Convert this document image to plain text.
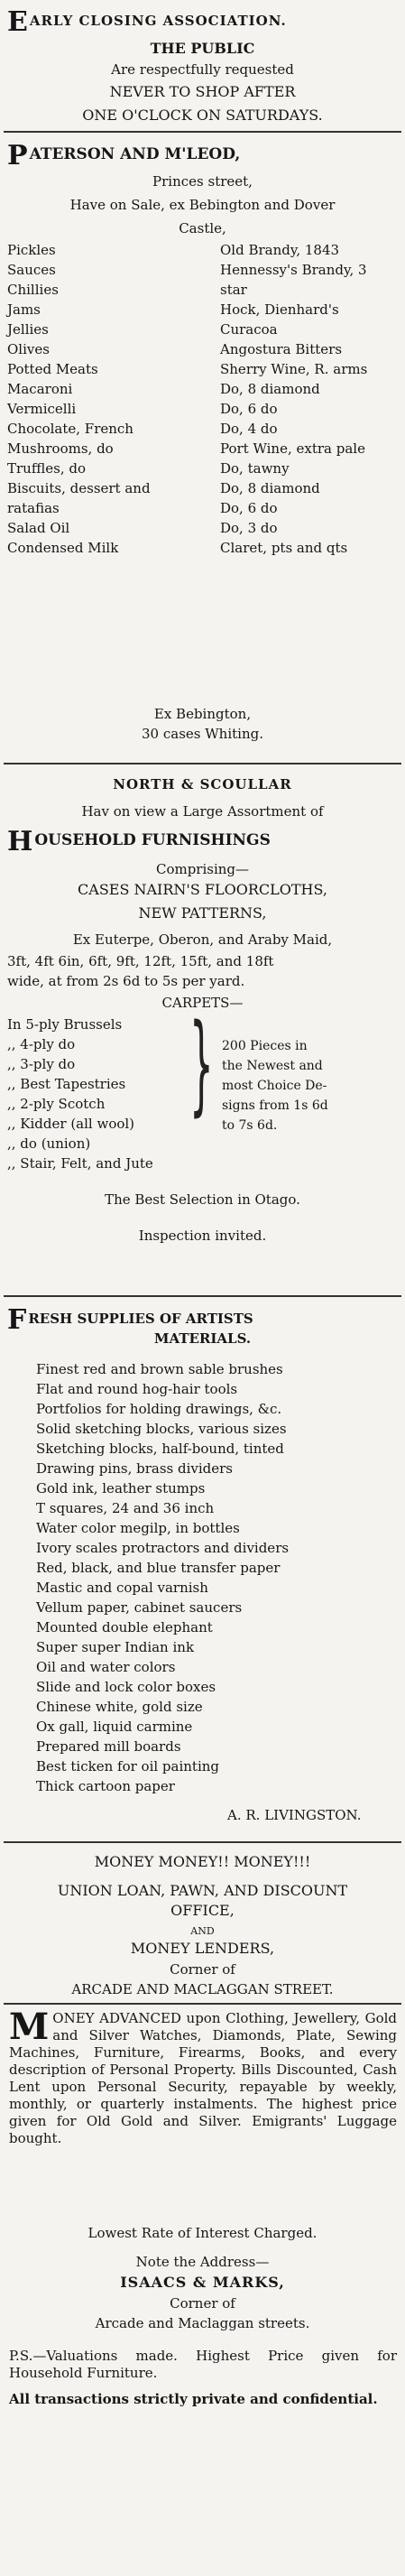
EARLY CLOSING ASSOCIATION.
THE PUBLIC
Are respectfully requested
NEVER TO SHOP AFTER
ONE O'CLOCK ON SATURDAYS.
PATERSON AND M'LEOD,
Princes street,
Have on Sale, ex Bebington and Dover
Castle,
Pickles
Sauces
Chillies
Jams
Jellies
Olives
Potted Meats
Macaroni
Vermicelli
Chocolate, French
Mushrooms, do
Truffles, do
Biscuits, dessert and
ratafias
Salad Oil
Condensed Milk
Old Brandy, 1843
Hennessy's Brandy, 3
star
Hock, Dienhard's
Curacoa
Angostura Bitters
Sherry Wine, R. arms
Do, 8 diamond
Do, 6 do
Do, 4 do
Port Wine, extra pale
Do, tawny
Do, 8 diamond
Do, 6 do
Do, 3 do
Claret, pts and qts
Ex Bebington,
30 cases Whiting.
NORTH & SCOULLAR
Hav on view a Large Assortment of
HOUSEHOLD FURNISHINGS
Comprising—
CASES NAIRN'S FLOORCLOTHS,
NEW PATTERNS,
Ex Euterpe, Oberon, and Araby Maid,
3ft, 4ft 6in, 6ft, 9ft, 12ft, 15ft, and 18ft
wide, at from 2s 6d to 5s per yard.
CARPETS—
In 5-ply Brussels
,, 4-ply do
,, 3-ply do
,, Best Tapestries
,, 2-ply Scotch
,, Kidder (all wool)
,, do (union)
,, Stair, Felt, and Jute
} 200 Pieces in
the Newest and
most Choice De-
signs from 1s 6d
to 7s 6d.
The Best Selection in Otago.
Inspection invited.
FRESH SUPPLIES OF ARTISTS
MATERIALS.
Finest red and brown sable brushes
Flat and round hog-hair tools
Portfolios for holding drawings, &c.
Solid sketching blocks, various sizes
Sketching blocks, half-bound, tinted
Drawing pins, brass dividers
Gold ink, leather stumps
T squares, 24 and 36 inch
Water color megilp, in bottles
Ivory scales protractors and dividers
Red, black, and blue transfer paper
Mastic and copal varnish
Vellum paper, cabinet saucers
Mounted double elephant
Super super Indian ink
Oil and water colors
Slide and lock color boxes
Chinese white, gold size
Ox gall, liquid carmine
Prepared mill boards
Best ticken for oil painting
Thick cartoon paper
A. R. LIVINGSTON.
MONEY MONEY!! MONEY!!!
UNION LOAN, PAWN, AND DISCOUNT
OFFICE,
AND
MONEY LENDERS,
Corner of
ARCADE AND MACLAGGAN STREET.
MONEY ADVANCED upon Clothing, Jewellery, Gold and Silver Watches, Diamonds, Plate, Sewing Machines, Furniture, Firearms, Books, and every description of Personal Property. Bills Discounted, Cash Lent upon Personal Security, repayable by weekly, monthly, or quarterly instalments. The highest price given for Old Gold and Silver. Emigrants' Luggage bought.
Lowest Rate of Interest Charged.
Note the Address—
ISAACS & MARKS,
Corner of
Arcade and Maclaggan streets.
P.S.—Valuations made. Highest Price given for Household Furniture.
All transactions strictly private and confidential.
